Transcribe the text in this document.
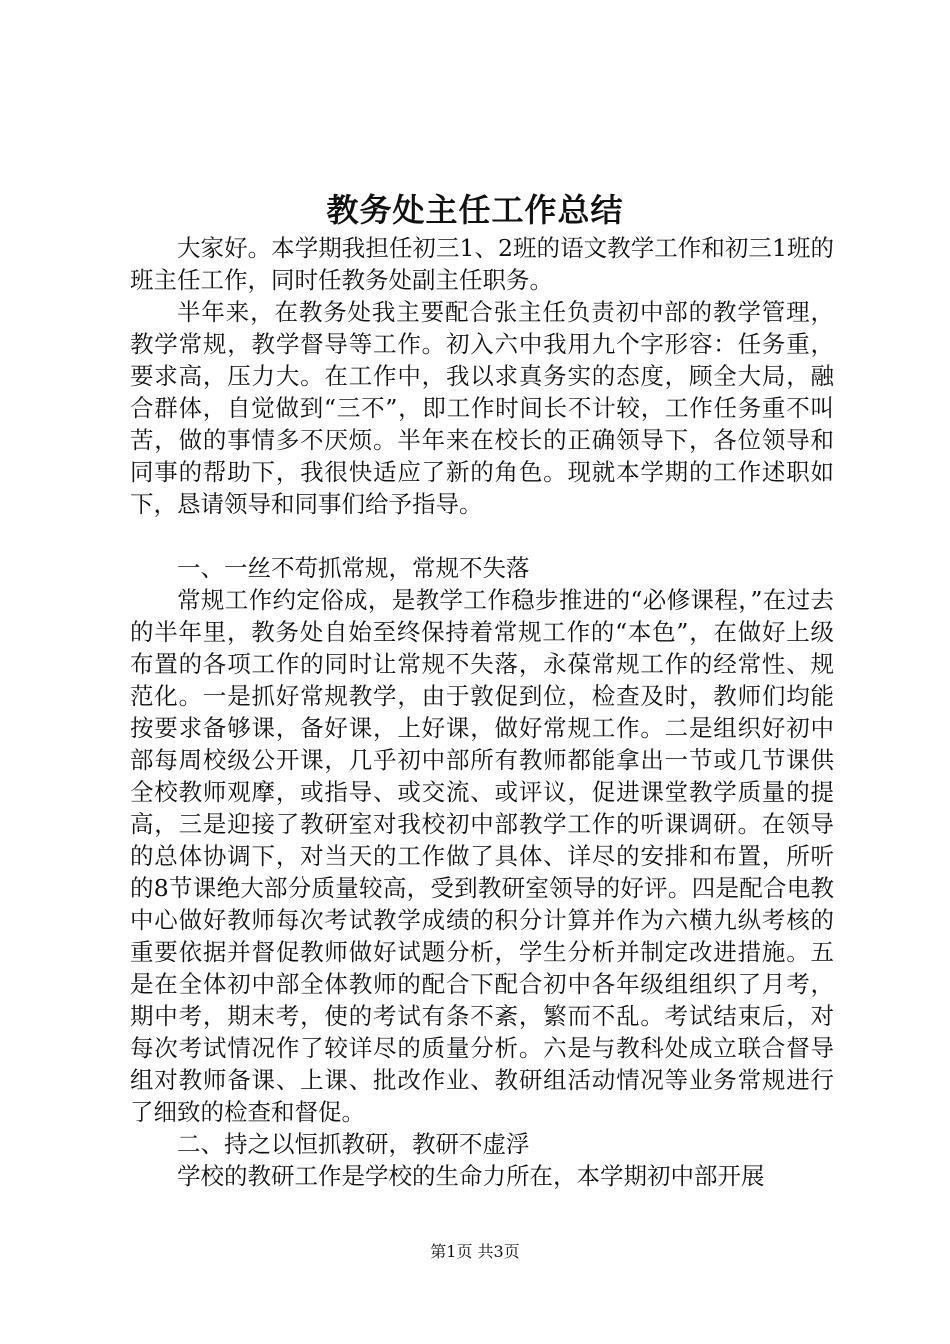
教务处主任工作总结

大家好。本学期我担任初三1、2班的语文教学工作和初三1班的班主任工作，同时任教务处副主任职务。

半年来，在教务处我主要配合张主任负责初中部的教学管理，教学常规，教学督导等工作。初入六中我用九个字形容：任务重，要求高，压力大。在工作中，我以求真务实的态度，顾全大局，融合群体，自觉做到“三不”，即工作时间长不计较，工作任务重不叫苦，做的事情多不厌烦。半年来在校长的正确领导下，各位领导和同事的帮助下，我很快适应了新的角色。现就本学期的工作述职如下，恳请领导和同事们给予指导。

一、一丝不苟抓常规，常规不失落

常规工作约定俗成，是教学工作稳步推进的“必修课程，”在过去的半年里，教务处自始至终保持着常规工作的“本色”，在做好上级布置的各项工作的同时让常规不失落，永葆常规工作的经常性、规范化。一是抓好常规教学，由于敦促到位，检查及时，教师们均能按要求备够课，备好课，上好课，做好常规工作。二是组织好初中部每周校级公开课，几乎初中部所有教师都能拿出一节或几节课供全校教师观摩，或指导、或交流、或评议，促进课堂教学质量的提高，三是迎接了教研室对我校初中部教学工作的听课调研。在领导的总体协调下，对当天的工作做了具体、详尽的安排和布置，所听的8节课绝大部分质量较高，受到教研室领导的好评。四是配合电教中心做好教师每次考试教学成绩的积分计算并作为六横九纵考核的重要依据并督促教师做好试题分析，学生分析并制定改进措施。五是在全体初中部全体教师的配合下配合初中各年级组组织了月考，期中考，期末考，使的考试有条不紊，繁而不乱。考试结束后，对每次考试情况作了较详尽的质量分析。六是与教科处成立联合督导组对教师备课、上课、批改作业、教研组活动情况等业务常规进行了细致的检查和督促。

二、持之以恒抓教研，教研不虚浮

学校的教研工作是学校的生命力所在，本学期初中部开展

第1页 共3页
